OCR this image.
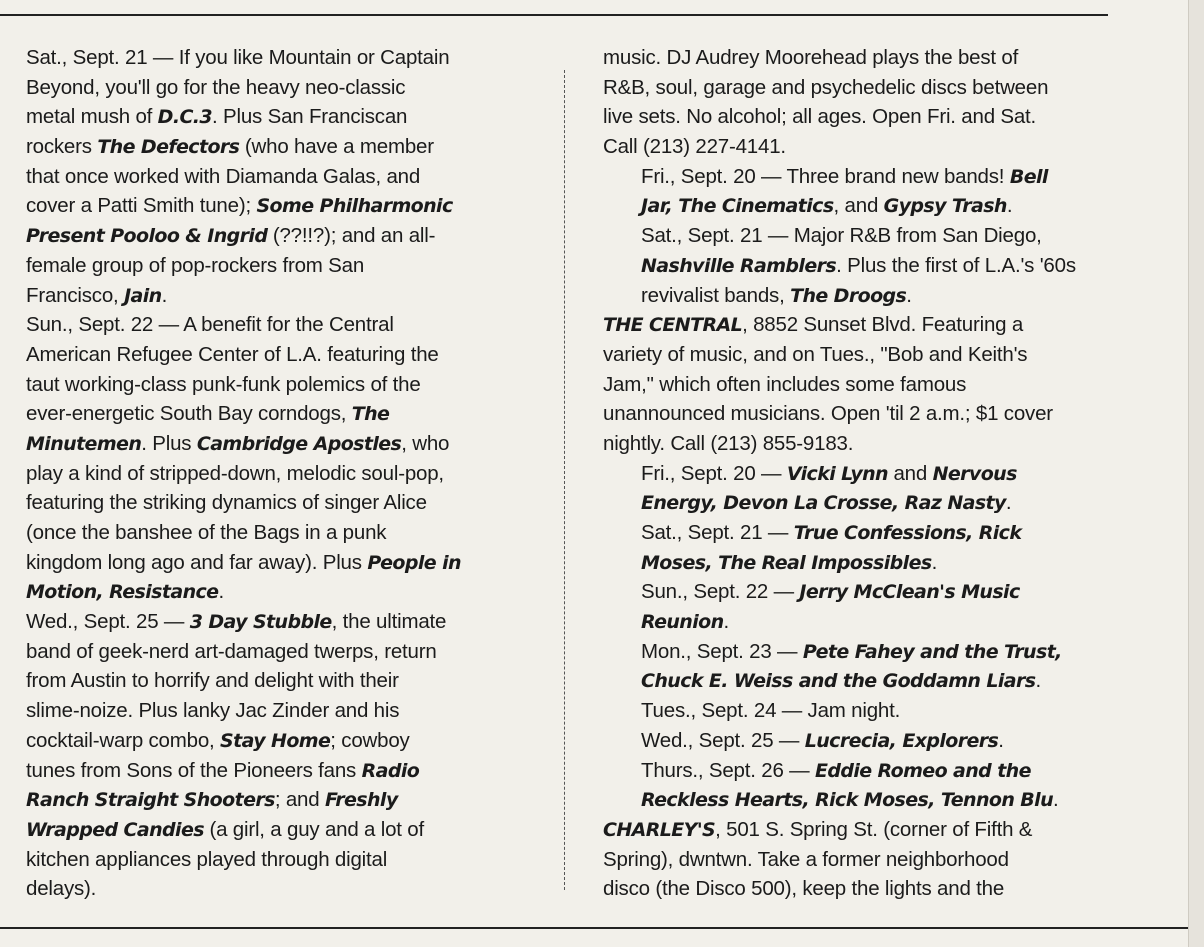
Sat., Sept. 21 — If you like Mountain or Captain
Beyond, you'll go for the heavy neo-classic
metal mush of D.C.3. Plus San Franciscan
rockers The Defectors (who have a member
that once worked with Diamanda Galas, and
cover a Patti Smith tune); Some Philharmonic
Present Pooloo & Ingrid (??!!?); and an all-
female group of pop-rockers from San
Francisco, Jain.
Sun., Sept. 22 — A benefit for the Central
American Refugee Center of L.A. featuring the
taut working-class punk-funk polemics of the
ever-energetic South Bay corndogs, The
Minutemen. Plus Cambridge Apostles, who
play a kind of stripped-down, melodic soul-pop,
featuring the striking dynamics of singer Alice
(once the banshee of the Bags in a punk
kingdom long ago and far away). Plus People in
Motion, Resistance.
Wed., Sept. 25 — 3 Day Stubble, the ultimate
band of geek-nerd art-damaged twerps, return
from Austin to horrify and delight with their
slime-noize. Plus lanky Jac Zinder and his
cocktail-warp combo, Stay Home; cowboy
tunes from Sons of the Pioneers fans Radio
Ranch Straight Shooters; and Freshly
Wrapped Candies (a girl, a guy and a lot of
kitchen appliances played through digital
delays).
music. DJ Audrey Moorehead plays the best of
R&B, soul, garage and psychedelic discs between
live sets. No alcohol; all ages. Open Fri. and Sat.
Call (213) 227-4141.
Fri., Sept. 20 — Three brand new bands! Bell
Jar, The Cinematics, and Gypsy Trash.
Sat., Sept. 21 — Major R&B from San Diego,
Nashville Ramblers. Plus the first of L.A.'s '60s
revivalist bands, The Droogs.
THE CENTRAL, 8852 Sunset Blvd. Featuring a
variety of music, and on Tues., "Bob and Keith's
Jam," which often includes some famous
unannounced musicians. Open 'til 2 a.m.; $1 cover
nightly. Call (213) 855-9183.
Fri., Sept. 20 — Vicki Lynn and Nervous
Energy, Devon La Crosse, Raz Nasty.
Sat., Sept. 21 — True Confessions, Rick
Moses, The Real Impossibles.
Sun., Sept. 22 — Jerry McClean's Music
Reunion.
Mon., Sept. 23 — Pete Fahey and the Trust,
Chuck E. Weiss and the Goddamn Liars.
Tues., Sept. 24 — Jam night.
Wed., Sept. 25 — Lucrecia, Explorers.
Thurs., Sept. 26 — Eddie Romeo and the
Reckless Hearts, Rick Moses, Tennon Blu.
CHARLEY'S, 501 S. Spring St. (corner of Fifth &
Spring), dwntwn. Take a former neighborhood
disco (the Disco 500), keep the lights and the
